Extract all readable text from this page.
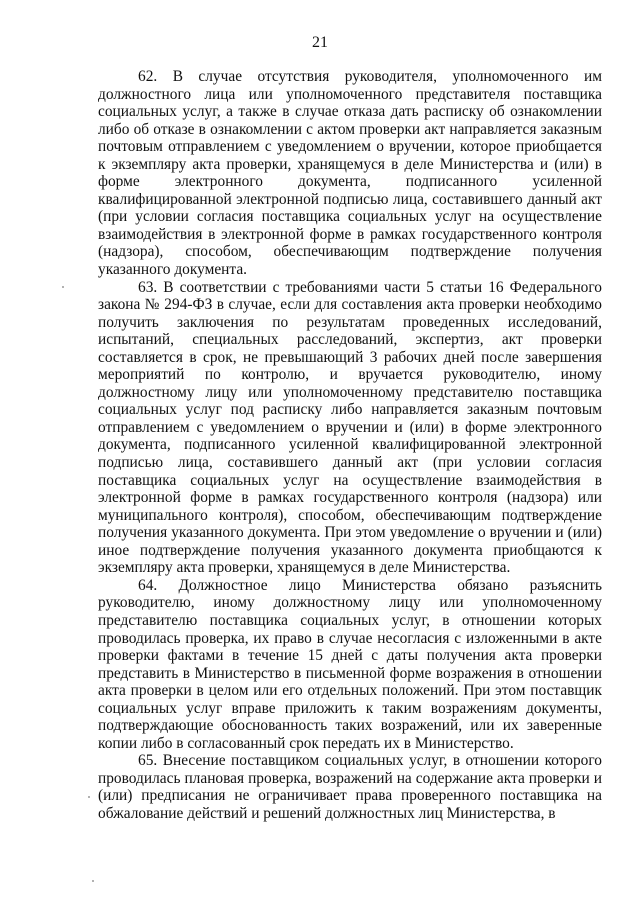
21

62. В случае отсутствия руководителя, уполномоченного им должностного лица или уполномоченного представителя поставщика социальных услуг, а также в случае отказа дать расписку об ознакомлении либо об отказе в ознакомлении с актом проверки акт направляется заказным почтовым отправлением с уведомлением о вручении, которое приобщается к экземпляру акта проверки, хранящемуся в деле Министерства и (или) в форме электронного документа, подписанного усиленной квалифицированной электронной подписью лица, составившего данный акт (при условии согласия поставщика социальных услуг на осуществление взаимодействия в электронной форме в рамках государственного контроля (надзора), способом, обеспечивающим подтверждение получения указанного документа.

63. В соответствии с требованиями части 5 статьи 16 Федерального закона № 294-ФЗ в случае, если для составления акта проверки необходимо получить заключения по результатам проведенных исследований, испытаний, специальных расследований, экспертиз, акт проверки составляется в срок, не превышающий 3 рабочих дней после завершения мероприятий по контролю, и вручается руководителю, иному должностному лицу или уполномоченному представителю поставщика социальных услуг под расписку либо направляется заказным почтовым отправлением с уведомлением о вручении и (или) в форме электронного документа, подписанного усиленной квалифицированной электронной подписью лица, составившего данный акт (при условии согласия поставщика социальных услуг на осуществление взаимодействия в электронной форме в рамках государственного контроля (надзора) или муниципального контроля), способом, обеспечивающим подтверждение получения указанного документа. При этом уведомление о вручении и (или) иное подтверждение получения указанного документа приобщаются к экземпляру акта проверки, хранящемуся в деле Министерства.

64. Должностное лицо Министерства обязано разъяснить руководителю, иному должностному лицу или уполномоченному представителю поставщика социальных услуг, в отношении которых проводилась проверка, их право в случае несогласия с изложенными в акте проверки фактами в течение 15 дней с даты получения акта проверки представить в Министерство в письменной форме возражения в отношении акта проверки в целом или его отдельных положений. При этом поставщик социальных услуг вправе приложить к таким возражениям документы, подтверждающие обоснованность таких возражений, или их заверенные копии либо в согласованный срок передать их в Министерство.

65. Внесение поставщиком социальных услуг, в отношении которого проводилась плановая проверка, возражений на содержание акта проверки и (или) предписания не ограничивает права проверенного поставщика на обжалование действий и решений должностных лиц Министерства, в
